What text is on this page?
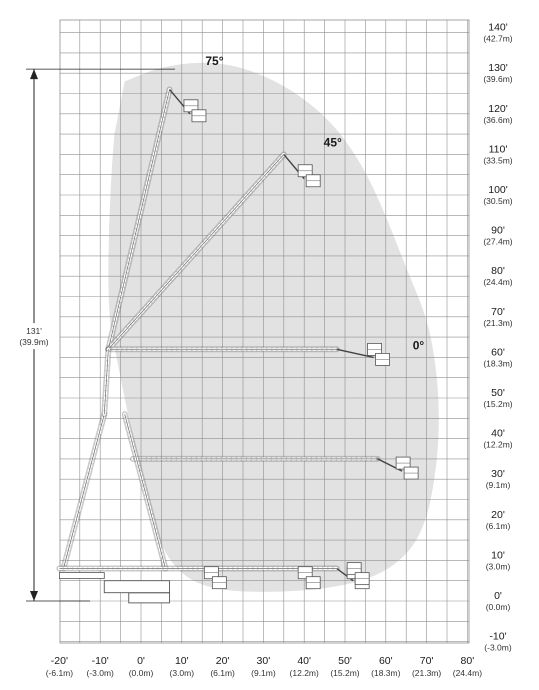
-20'
(-6.1m)
-10'
(-3.0m)
0'
(0.0m)
10'
(3.0m)
20'
(6.1m)
30'
(9.1m)
40'
(12.2m)
50'
(15.2m)
60'
(18.3m)
70'
(21.3m)
80'
(24.4m)
140'
(42.7m)
130'
(39.6m)
120'
(36.6m)
110'
(33.5m)
100'
(30.5m)
90'
(27.4m)
80'
(24.4m)
70'
(21.3m)
60'
(18.3m)
50'
(15.2m)
40'
(12.2m)
30'
(9.1m)
20'
(6.1m)
10'
(3.0m)
0'
(0.0m)
-10'
(-3.0m)
131'
(39.9m)
75°
45°
0°
